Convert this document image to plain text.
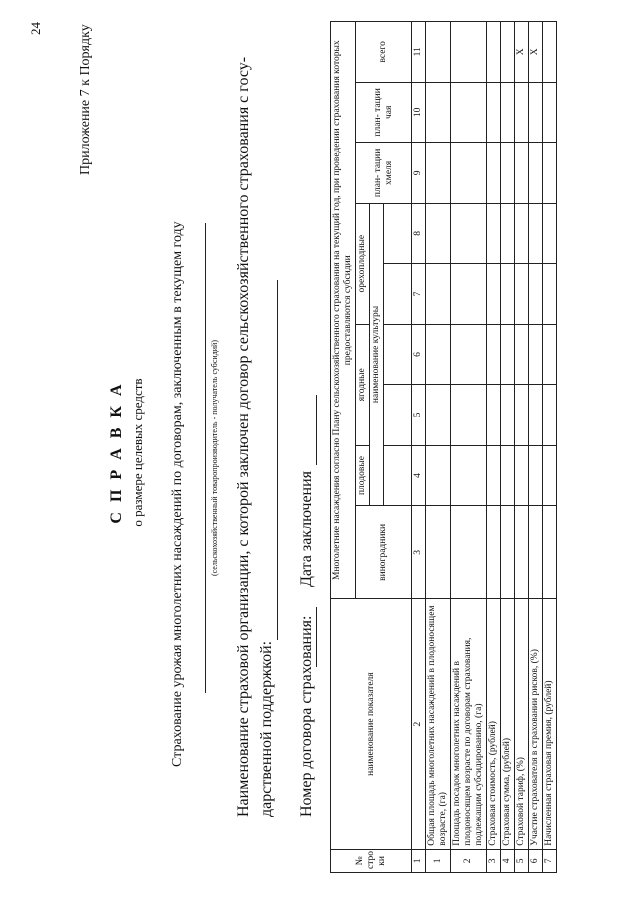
24	Приложение 7 к Порядку
С П Р А В К А о размере целевых средств Страхование урожая многолетних насаждений по договорам, заключенным в текущем году	(сельскохозяйственный товаропроизводитель - получатель субсидий) Наименование страховой организации, с которой заключен договор сельскохозяйственного страхования с госу- дарственной поддержкой: Номер договора страхования:
Дата заключения
№ стро ки	наименование показателя	Многолетние насаждения согласно Плану сельскохозяйственного страхования на текущий год, при проведении страхования которых предоставляются субсидии								
		виноградники	плодовые	ягодные		орехоплодные		план- тации хмеля	план- тации чая	всего
			наименование культуры							

1	2	3	4	5	6	7	8	9	10	11
1	Общая площадь многолетних насаждений в плодоносящем возрасте, (га)									
2	Площадь посадок многолетних насаждений в плодоносящем возрасте по договорам страхования, подлежащим субсидированию, (га)									
3	Страховая стоимость, (рублей)									
4	Страховая сумма, (рублей)									
5	Страховой тариф, (%)									Х
6	Участие страхователя в страховании рисков, (%)									Х
7	Начисленная страховая премия, (рублей)									
